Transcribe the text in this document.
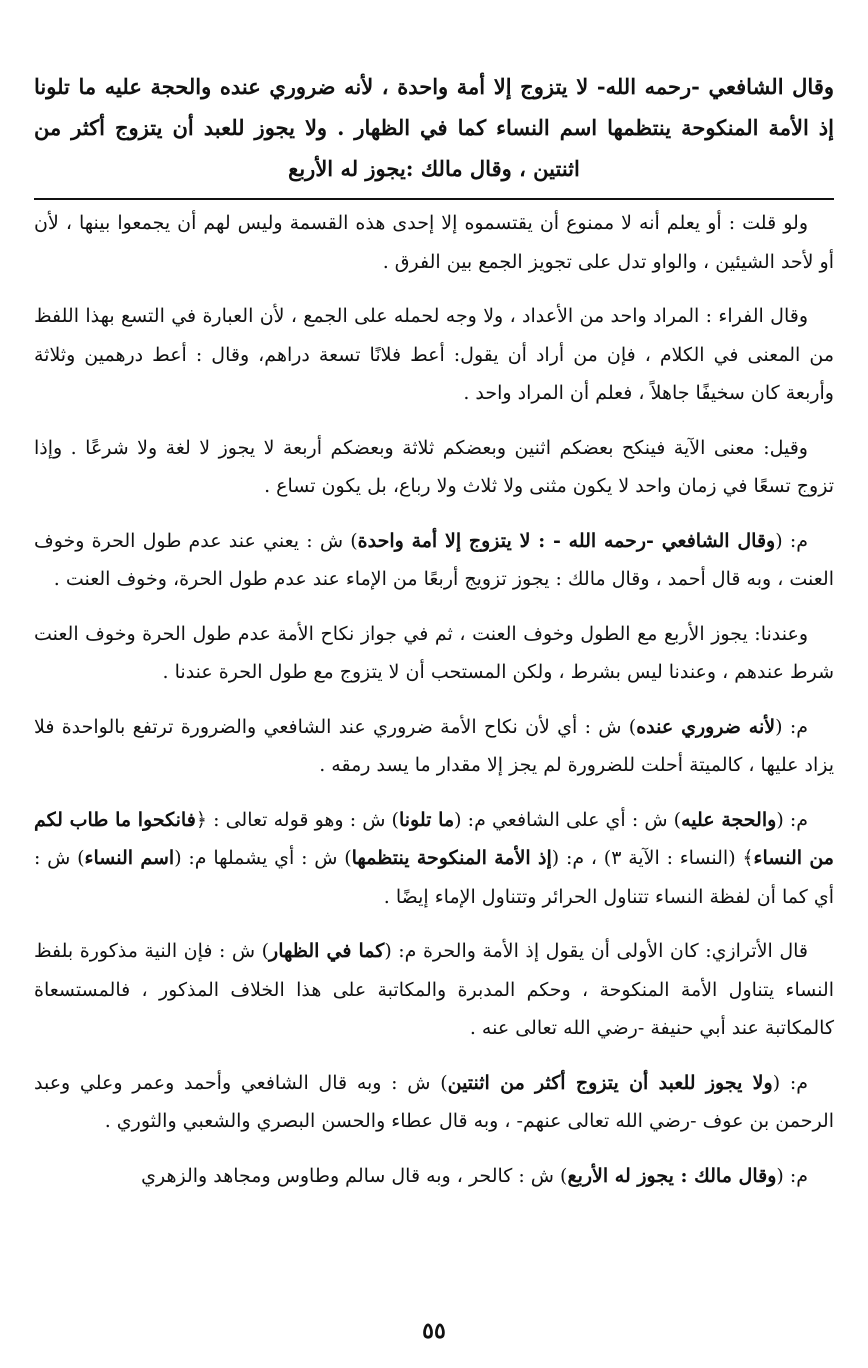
وقال الشافعي -رحمه الله- لا يتزوج إلا أمة واحدة ، لأنه ضروري عنده والحجة عليه ما تلونا إذ الأمة المنكوحة ينتظمها اسم النساء كما في الظهار . ولا يجوز للعبد أن يتزوج أكثر من اثنتين ، وقال مالك :يجوز له الأربع

ولو قلت : أو يعلم أنه لا ممنوع أن يقتسموه إلا إحدى هذه القسمة وليس لهم أن يجمعوا بينها ، لأن أو لأحد الشيئين ، والواو تدل على تجويز الجمع بين الفرق .

وقال الفراء : المراد واحد من الأعداد ، ولا وجه لحمله على الجمع ، لأن العبارة في التسع بهذا اللفظ من المعنى في الكلام ، فإن من أراد أن يقول: أعط فلانًا تسعة دراهم، وقال : أعط درهمين وثلاثة وأربعة كان سخيفًا جاهلاً ، فعلم أن المراد واحد .

وقيل: معنى الآية فينكح بعضكم اثنين وبعضكم ثلاثة وبعضكم أربعة لا يجوز لا لغة ولا شرعًا . وإذا تزوج تسعًا في زمان واحد لا يكون مثنى ولا ثلاث ولا رباع، بل يكون تساع .

م: (وقال الشافعي -رحمه الله - : لا يتزوج إلا أمة واحدة) ش : يعني عند عدم طول الحرة وخوف العنت ، وبه قال أحمد ، وقال مالك : يجوز تزويج أربعًا من الإماء عند عدم طول الحرة، وخوف العنت .

وعندنا: يجوز الأربع مع الطول وخوف العنت ، ثم في جواز نكاح الأمة عدم طول الحرة وخوف العنت شرط عندهم ، وعندنا ليس بشرط ، ولكن المستحب أن لا يتزوج مع طول الحرة عندنا .

م: (لأنه ضروري عنده) ش : أي لأن نكاح الأمة ضروري عند الشافعي والضرورة ترتفع بالواحدة فلا يزاد عليها ، كالميتة أحلت للضرورة لم يجز إلا مقدار ما يسد رمقه .

م: (والحجة عليه) ش : أي على الشافعي م: (ما تلونا) ش : وهو قوله تعالى : ﴿فانكحوا ما طاب لكم من النساء﴾ (النساء : الآية ٣) ، م: (إذ الأمة المنكوحة ينتظمها) ش : أي يشملها م: (اسم النساء) ش : أي كما أن لفظة النساء تتناول الحرائر وتتناول الإماء إيضًا .

قال الأترازي: كان الأولى أن يقول إذ الأمة والحرة م: (كما في الظهار) ش : فإن النية مذكورة بلفظ النساء يتناول الأمة المنكوحة ، وحكم المدبرة والمكاتبة على هذا الخلاف المذكور ، فالمستسعاة كالمكاتبة عند أبي حنيفة -رضي الله تعالى عنه .

م: (ولا يجوز للعبد أن يتزوج أكثر من اثنتين) ش : وبه قال الشافعي وأحمد وعمر وعلي وعبد الرحمن بن عوف -رضي الله تعالى عنهم- ، وبه قال عطاء والحسن البصري والشعبي والثوري .

م: (وقال مالك : يجوز له الأربع) ش : كالحر ، وبه قال سالم وطاوس ومجاهد والزهري

٥٥
